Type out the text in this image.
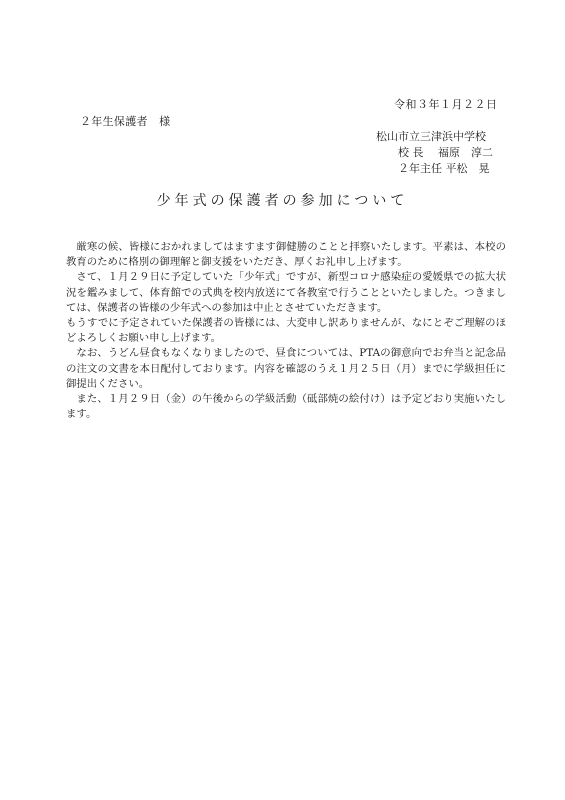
令和３年１月２２日
２年生保護者　様
松山市立三津浜中学校
校 長　 福原　淳二
２年主任 平松　晃
少年式の保護者の参加について

厳寒の候、皆様におかれましてはますます御健勝のことと拝察いたします。平素は、本校の教育のために格別の御理解と御支援をいただき、厚くお礼申し上げます。

さて、１月２９日に予定していた「少年式」ですが、新型コロナ感染症の愛媛県での拡大状況を鑑みまして、体育館での式典を校内放送にて各教室で行うことといたしました。つきましては、保護者の皆様の少年式への参加は中止とさせていただきます。

もうすでに予定されていた保護者の皆様には、大変申し訳ありませんが、なにとぞご理解のほどよろしくお願い申し上げます。

なお、うどん昼食もなくなりましたので、昼食については、PTAの御意向でお弁当と記念品の注文の文書を本日配付しております。内容を確認のうえ１月２５日（月）までに学級担任に御提出ください。

また、１月２９日（金）の午後からの学級活動（砥部焼の絵付け）は予定どおり実施いたします。
